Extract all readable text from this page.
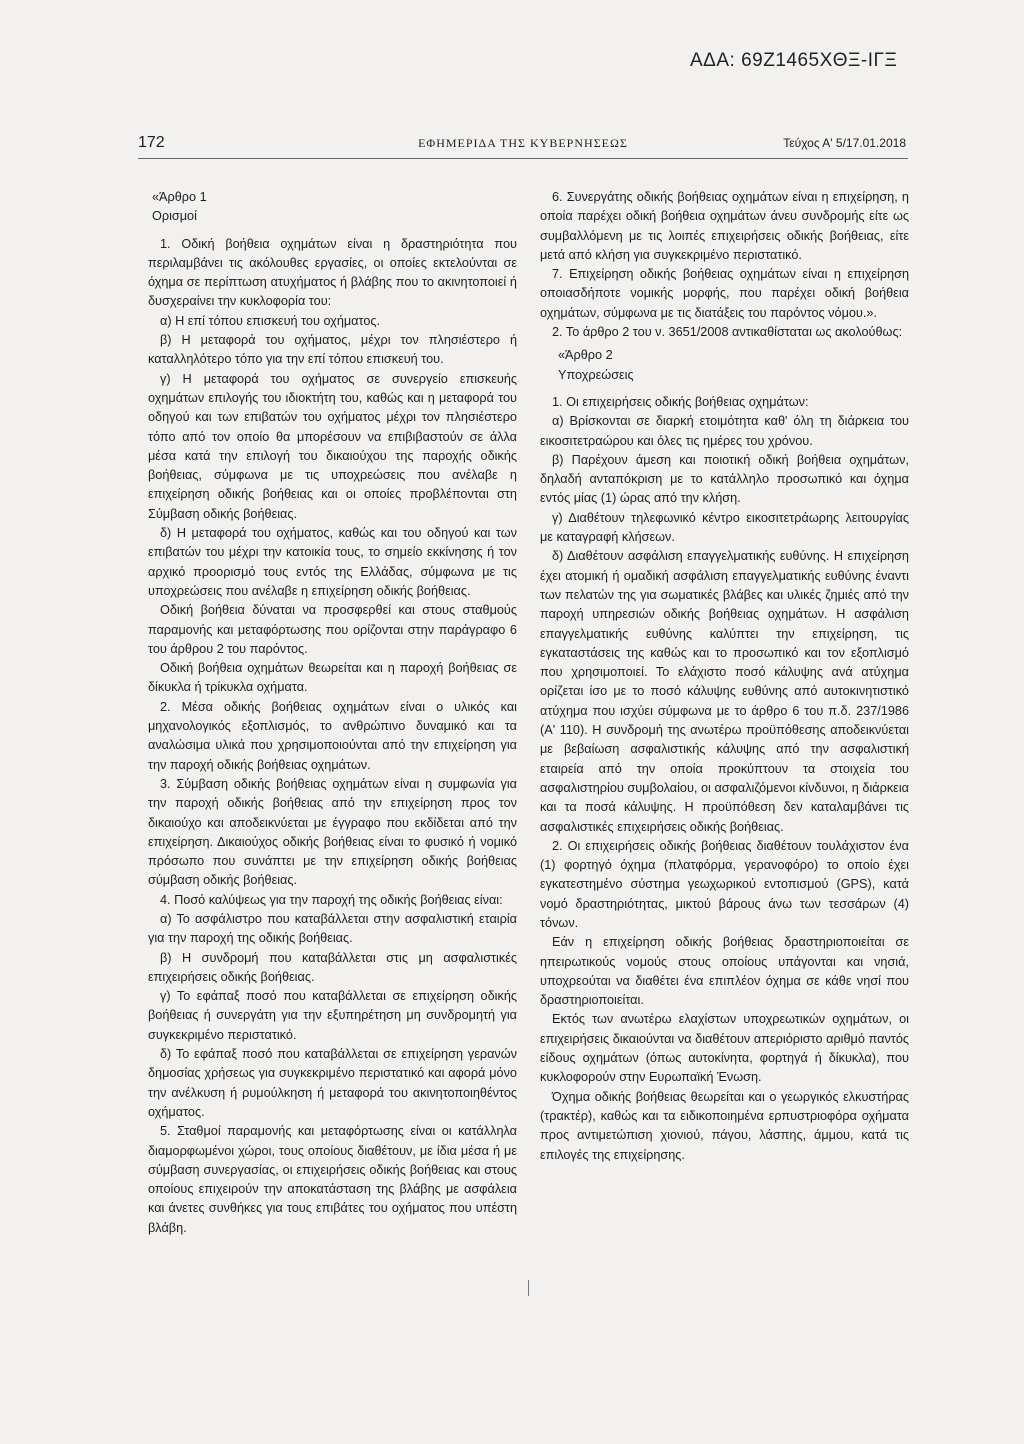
ΑΔΑ: 69Ζ1465ΧΘΞ-ΙΓΞ
172	ΕΦΗΜΕΡΙΔΑ ΤΗΣ ΚΥΒΕΡΝΗΣΕΩΣ	Τεύχος Α' 5/17.01.2018

«Άρθρο 1

Ορισμοί

1. Οδική βοήθεια οχημάτων είναι η δραστηριότητα που περιλαμβάνει τις ακόλουθες εργασίες, οι οποίες εκτελούνται σε όχημα σε περίπτωση ατυχήματος ή βλάβης που το ακινητοποιεί ή δυσχεραίνει την κυκλοφορία του:

α) Η επί τόπου επισκευή του οχήματος.

β) Η μεταφορά του οχήματος, μέχρι τον πλησιέστερο ή καταλληλότερο τόπο για την επί τόπου επισκευή του.

γ) Η μεταφορά του οχήματος σε συνεργείο επισκευής οχημάτων επιλογής του ιδιοκτήτη του, καθώς και η μεταφορά του οδηγού και των επιβατών του οχήματος μέχρι τον πλησιέστερο τόπο από τον οποίο θα μπορέσουν να επιβιβαστούν σε άλλα μέσα κατά την επιλογή του δικαιούχου της παροχής οδικής βοήθειας, σύμφωνα με τις υποχρεώσεις που ανέλαβε η επιχείρηση οδικής βοήθειας και οι οποίες προβλέπονται στη Σύμβαση οδικής βοήθειας.

δ) Η μεταφορά του οχήματος, καθώς και του οδηγού και των επιβατών του μέχρι την κατοικία τους, το σημείο εκκίνησης ή τον αρχικό προορισμό τους εντός της Ελλάδας, σύμφωνα με τις υποχρεώσεις που ανέλαβε η επιχείρηση οδικής βοήθειας.

Οδική βοήθεια δύναται να προσφερθεί και στους σταθμούς παραμονής και μεταφόρτωσης που ορίζονται στην παράγραφο 6 του άρθρου 2 του παρόντος.

Οδική βοήθεια οχημάτων θεωρείται και η παροχή βοήθειας σε δίκυκλα ή τρίκυκλα οχήματα.

2. Μέσα οδικής βοήθειας οχημάτων είναι ο υλικός και μηχανολογικός εξοπλισμός, το ανθρώπινο δυναμικό και τα αναλώσιμα υλικά που χρησιμοποιούνται από την επιχείρηση για την παροχή οδικής βοήθειας οχημάτων.

3. Σύμβαση οδικής βοήθειας οχημάτων είναι η συμφωνία για την παροχή οδικής βοήθειας από την επιχείρηση προς τον δικαιούχο και αποδεικνύεται με έγγραφο που εκδίδεται από την επιχείρηση. Δικαιούχος οδικής βοήθειας είναι το φυσικό ή νομικό πρόσωπο που συνάπτει με την επιχείρηση οδικής βοήθειας σύμβαση οδικής βοήθειας.

4. Ποσό καλύψεως για την παροχή της οδικής βοήθειας είναι:

α) Το ασφάλιστρο που καταβάλλεται στην ασφαλιστική εταιρία για την παροχή της οδικής βοήθειας.

β) Η συνδρομή που καταβάλλεται στις μη ασφαλιστικές επιχειρήσεις οδικής βοήθειας.

γ) Το εφάπαξ ποσό που καταβάλλεται σε επιχείρηση οδικής βοήθειας ή συνεργάτη για την εξυπηρέτηση μη συνδρομητή για συγκεκριμένο περιστατικό.

δ) Το εφάπαξ ποσό που καταβάλλεται σε επιχείρηση γερανών δημοσίας χρήσεως για συγκεκριμένο περιστατικό και αφορά μόνο την ανέλκυση ή ρυμούλκηση ή μεταφορά του ακινητοποιηθέντος οχήματος.

5. Σταθμοί παραμονής και μεταφόρτωσης είναι οι κατάλληλα διαμορφωμένοι χώροι, τους οποίους διαθέτουν, με ίδια μέσα ή με σύμβαση συνεργασίας, οι επιχειρήσεις οδικής βοήθειας και στους οποίους επιχειρούν την αποκατάσταση της βλάβης με ασφάλεια και άνετες συνθήκες για τους επιβάτες του οχήματος που υπέστη βλάβη.

6. Συνεργάτης οδικής βοήθειας οχημάτων είναι η επιχείρηση, η οποία παρέχει οδική βοήθεια οχημάτων άνευ συνδρομής είτε ως συμβαλλόμενη με τις λοιπές επιχειρήσεις οδικής βοήθειας, είτε μετά από κλήση για συγκεκριμένο περιστατικό.

7. Επιχείρηση οδικής βοήθειας οχημάτων είναι η επιχείρηση οποιασδήποτε νομικής μορφής, που παρέχει οδική βοήθεια οχημάτων, σύμφωνα με τις διατάξεις του παρόντος νόμου.».

2. Το άρθρο 2 του ν. 3651/2008 αντικαθίσταται ως ακολούθως:

«Άρθρο 2

Υποχρεώσεις

1. Οι επιχειρήσεις οδικής βοήθειας οχημάτων:

α) Βρίσκονται σε διαρκή ετοιμότητα καθ' όλη τη διάρκεια του εικοσιτετραώρου και όλες τις ημέρες του χρόνου.

β) Παρέχουν άμεση και ποιοτική οδική βοήθεια οχημάτων, δηλαδή ανταπόκριση με το κατάλληλο προσωπικό και όχημα εντός μίας (1) ώρας από την κλήση.

γ) Διαθέτουν τηλεφωνικό κέντρο εικοσιτετράωρης λειτουργίας με καταγραφή κλήσεων.

δ) Διαθέτουν ασφάλιση επαγγελματικής ευθύνης. Η επιχείρηση έχει ατομική ή ομαδική ασφάλιση επαγγελματικής ευθύνης έναντι των πελατών της για σωματικές βλάβες και υλικές ζημιές από την παροχή υπηρεσιών οδικής βοήθειας οχημάτων. Η ασφάλιση επαγγελματικής ευθύνης καλύπτει την επιχείρηση, τις εγκαταστάσεις της καθώς και το προσωπικό και τον εξοπλισμό που χρησιμοποιεί. Το ελάχιστο ποσό κάλυψης ανά ατύχημα ορίζεται ίσο με το ποσό κάλυψης ευθύνης από αυτοκινητιστικό ατύχημα που ισχύει σύμφωνα με το άρθρο 6 του π.δ. 237/1986 (Α' 110). Η συνδρομή της ανωτέρω προϋπόθεσης αποδεικνύεται με βεβαίωση ασφαλιστικής κάλυψης από την ασφαλιστική εταιρεία από την οποία προκύπτουν τα στοιχεία του ασφαλιστηρίου συμβολαίου, οι ασφαλιζόμενοι κίνδυνοι, η διάρκεια και τα ποσά κάλυψης. Η προϋπόθεση δεν καταλαμβάνει τις ασφαλιστικές επιχειρήσεις οδικής βοήθειας.

2. Οι επιχειρήσεις οδικής βοήθειας διαθέτουν τουλάχιστον ένα (1) φορτηγό όχημα (πλατφόρμα, γερανοφόρο) το οποίο έχει εγκατεστημένο σύστημα γεωχωρικού εντοπισμού (GPS), κατά νομό δραστηριότητας, μικτού βάρους άνω των τεσσάρων (4) τόνων.

Εάν η επιχείρηση οδικής βοήθειας δραστηριοποιείται σε ηπειρωτικούς νομούς στους οποίους υπάγονται και νησιά, υποχρεούται να διαθέτει ένα επιπλέον όχημα σε κάθε νησί που δραστηριοποιείται.

Εκτός των ανωτέρω ελαχίστων υποχρεωτικών οχημάτων, οι επιχειρήσεις δικαιούνται να διαθέτουν απεριόριστο αριθμό παντός είδους οχημάτων (όπως αυτοκίνητα, φορτηγά ή δίκυκλα), που κυκλοφορούν στην Ευρωπαϊκή Ένωση.

Όχημα οδικής βοήθειας θεωρείται και ο γεωργικός ελκυστήρας (τρακτέρ), καθώς και τα ειδικοποιημένα ερπυστριοφόρα οχήματα προς αντιμετώπιση χιονιού, πάγου, λάσπης, άμμου, κατά τις επιλογές της επιχείρησης.
